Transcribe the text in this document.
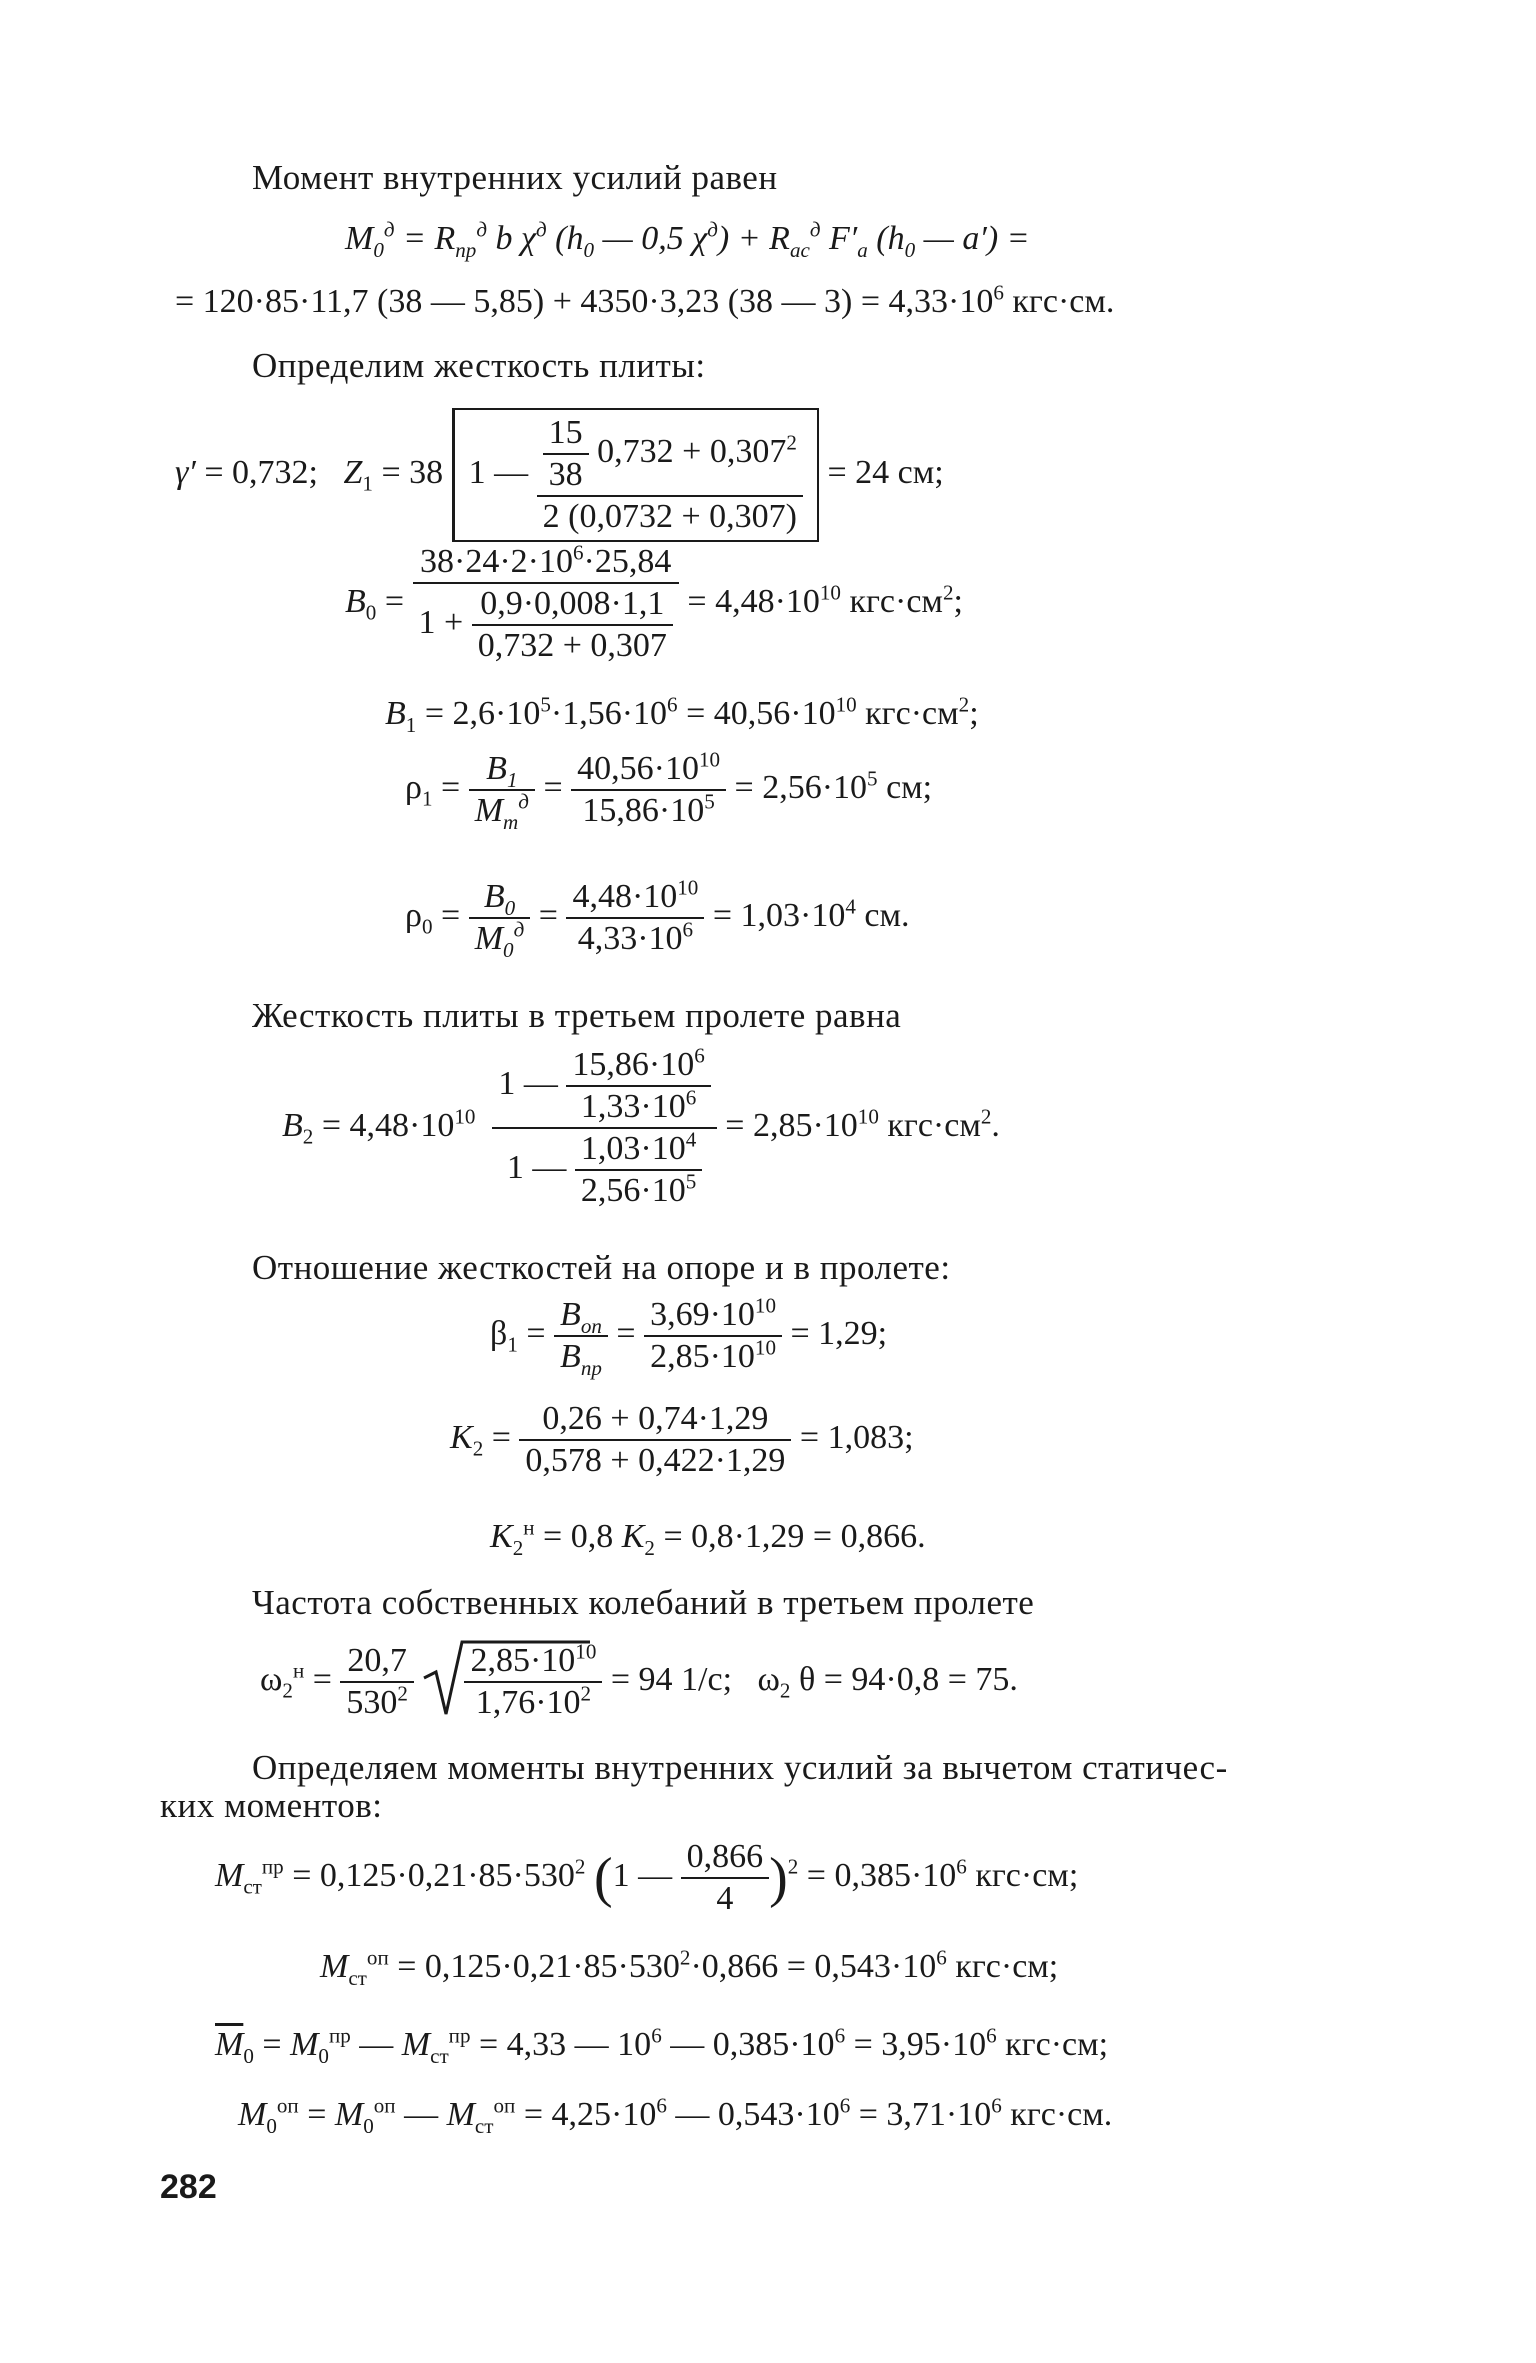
Момент внутренних усилий равен
$M_0^д = R_{пр}^д$ b $\chi^д$ ($h_0$ — 0,5 $\chi^д) + R_{ас}^д$ $F'_а$ ($h_0$ — a′) =
= 120·85·11,7 (38 — 5,85) + 4350·3,23 (38 — $3) = 4,33\cdot 10^6$ кгс·см.
Определим жесткость плиты:
γ′ = 0,732;   $Z_1 = 38$ 1 — $\frac{\frac{15}{38} 0,732 + 0,307^2}{2 (0,0732 + 0,307)} = 24$ см;
$B_0 = \frac{38\cdot 24\cdot 2\cdot 10^6\cdot 25,84}{1 + \frac{0,9\cdot 0,008\cdot 1,1}{0,732 + 0,307}} = 4,48\cdot 10^{10}$ $кгс\cdot см^2$;
$B_1 = 2,6\cdot 10^5\cdot 1,56\cdot 10^6 = 40,56\cdot 10^{10}$ $кгс\cdot см^2$;
$\rho_1 = \frac{B_1}{M_т^д} = \frac{40,56\cdot 10^{10}}{15,86\cdot 10^5} = 2,56\cdot 10^5$ см;
$\rho_0 = \frac{B_0}{M_0^д} = \frac{4,48\cdot 10^{10}}{4,33\cdot 10^6} = 1,03\cdot 10^4$ см.
Жесткость плиты в третьем пролете равна
$B_2 = 4,48\cdot 10^{10} \frac{1 — \frac{15,86\cdot 10^6}{1,33\cdot 10^6}}{1 — \frac{1,03\cdot 10^4}{2,56\cdot 10^5}} = 2,85\cdot 10^{10}$ $кгс\cdot см^2$.
Отношение жесткостей на опоре и в пролете:
$\beta_1 = \frac{B_{оп}}{B_{пр}} = \frac{3,69\cdot 10^{10}}{2,85\cdot 10^{10}} = 1,29$;
$K_2 = \frac{0,26 + 0,74\cdot 1,29}{0,578 + 0,422\cdot 1,29} = 1,083$;
$K_2^н = 0,8$ $K_2 = 0,8\cdot 1,29 = 0,866$.
Частота собственных колебаний в третьем пролете
$\omega_2^н = \frac{20,7}{530^2}$
$\frac{2,85\cdot 10^{10}}{1,76\cdot 10^2} = 94$ 1/с;   $\omega_2$ θ = 94·0,8 = 75.
Определяем моменты внутренних усилий за вычетом статичес-
ких моментов:
$M_{ст}^{пр} = 0,125\cdot 0,21\cdot 85\cdot 530^2$ (1 — $\frac{0,866}{4} )^2 = 0,385\cdot 10^6$ кгс·см;
$M_{ст}^{оп} = 0,125\cdot 0,21\cdot 85\cdot 530^2\cdot 0,866 = 0,543\cdot 10^6$ кгс·см;
$\overline{M}_0 = M_0^{пр}$ — $M_{ст}^{пр} = 4,33$ — $10^6$ — $0,385\cdot 10^6 = 3,95\cdot 10^6$ кгс·см;
$M_0^{оп} = M_0^{оп}$ — $M_{ст}^{оп} = 4,25\cdot 10^6$ — $0,543\cdot 10^6 = 3,71\cdot 10^6$ кгс·см.
282
